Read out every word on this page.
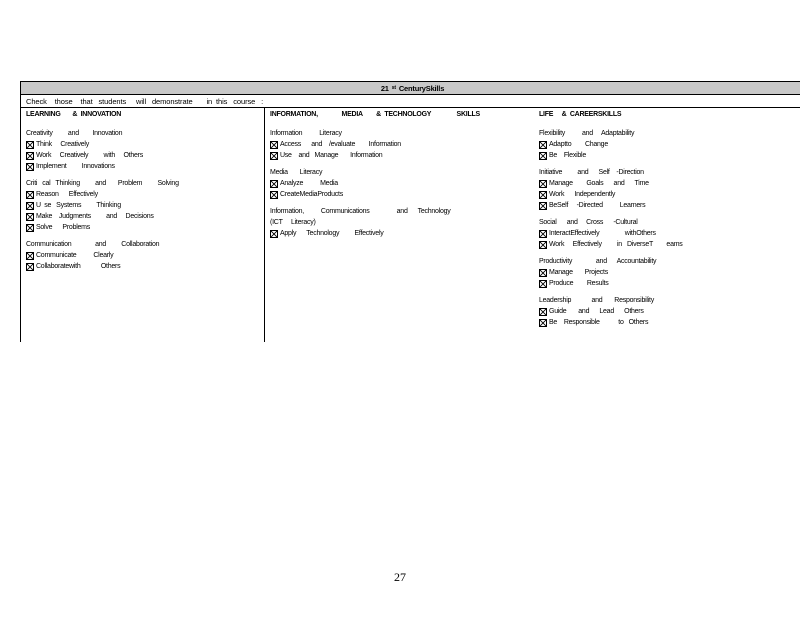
21 st CenturySkills
Check    those    that   students     will   demonstrate       in  this   course   :
LEARNING       &  INNOVATION
Creativity         and        Innovation
Think     Creatively
Work     Creatively         with     Others
Implement         Innovations
Criti   cal   Thinking         and       Problem         Solving
Reason      Effectively
U  se   Systems         Thinking
Make    Judgments         and     Decisions
Solve      Problems
Communication              and         Collaboration
Communicate          Clearly
Collaboratewith            Others
INFORMATION,              MEDIA        &  TECHNOLOGY               SKILLS
Information          Literacy
Access      and    /evaluate        Information
Use    and   Manage       Information
Media       Literacy
Analyze          Media
CreateMediaProducts
Information,          Communications                and      Technology
(ICT     Literacy)
Apply      Technology         Effectively
LIFE     &  CAREERSKILLS
Flexibility          and     Adaptability
Adaptto        Change
Be    Flexible
Initiative         and      Self    -Direction
Manage        Goals      and      Time
Work      Independently
BeSelf     -Directed          Learners
Social      and     Cross      -Cultural
InteractEffectively               withOthers
Work     Effectively         in   DiverseT        eams
Productivity              and      Accountability
Manage       Projects
Produce        Results
Leadership            and       Responsibility
Guide       and      Lead      Others
Be    Responsible           to   Others
27
